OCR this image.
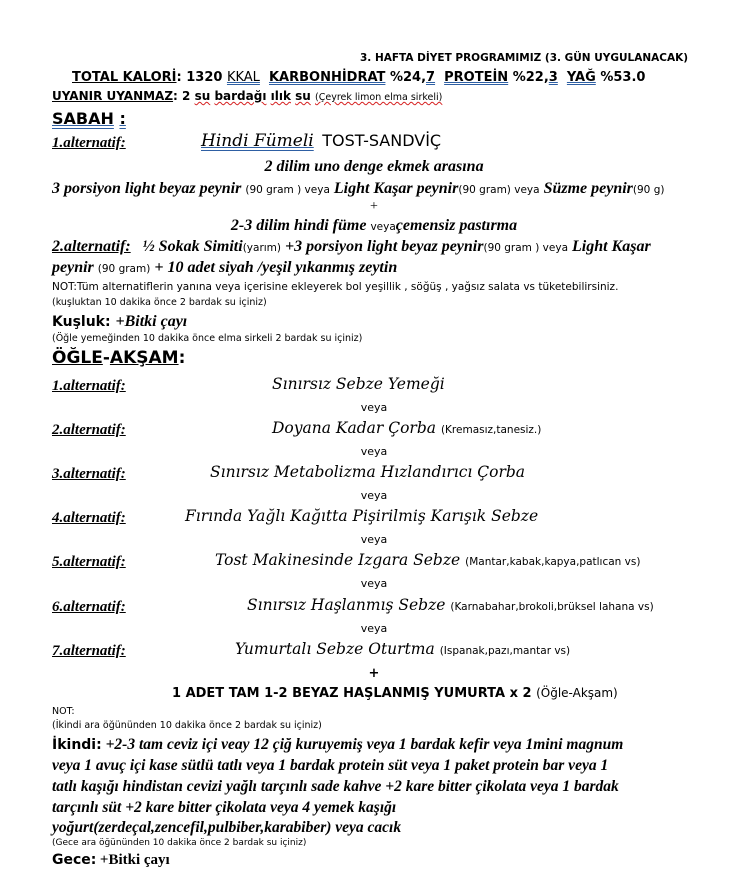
3. HAFTA DİYET PROGRAMIMIZ (3. GÜN UYGULANACAK)
TOTAL KALORİ: 1320 KKAL KARBONHİDRAT %24,7 PROTEİN %22,3 YAĞ %53.0
UYANIR UYANMAZ: 2 su bardağı ılık su (Çeyrek limon elma sirkeli)
SABAH :
1.alternatif:	Hindi Fümeli TOST-SANDVİÇ
2 dilim uno denge ekmek arasına
3 porsiyon light beyaz peynir (90 gram ) veya Light Kaşar peynir(90 gram) veya Süzme peynir(90 g)
+
2-3 dilim hindi füme veyaçemensiz pastırma
2.alternatif: ½ Sokak Simiti(yarım) +3 porsiyon light beyaz peynir(90 gram ) veya Light Kaşar
peynir (90 gram) + 10 adet siyah /yeşil yıkanmış zeytin
NOT:Tüm alternatiflerin yanına veya içerisine ekleyerek bol yeşillik , söğüş , yağsız salata vs tüketebilirsiniz.
(kuşluktan 10 dakika önce 2 bardak su içiniz)
Kuşluk: +Bitki çayı
(Öğle yemeğinden 10 dakika önce elma sirkeli 2 bardak su içiniz)
ÖĞLE-AKŞAM:
1.alternatif:	Sınırsız Sebze Yemeği
veya
2.alternatif:	Doyana Kadar Çorba (Kremasız,tanesiz.)
veya
3.alternatif:	Sınırsız Metabolizma Hızlandırıcı Çorba
veya
4.alternatif:	Fırında Yağlı Kağıtta Pişirilmiş Karışık Sebze
veya
5.alternatif:	Tost Makinesinde Izgara Sebze (Mantar,kabak,kapya,patlıcan vs)
veya
6.alternatif:	Sınırsız Haşlanmış Sebze (Karnabahar,brokoli,brüksel lahana vs)
veya
7.alternatif:	Yumurtalı Sebze Oturtma (Ispanak,pazı,mantar vs)
+
1 ADET TAM 1-2 BEYAZ HAŞLANMIŞ YUMURTA x 2 (Öğle-Akşam)
NOT:
(İkindi ara öğününden 10 dakika önce 2 bardak su içiniz)
İkindi: +2-3 tam ceviz içi veay 12 çiğ kuruyemiş veya 1 bardak kefir veya 1mini magnum
veya 1 avuç içi kase sütlü tatlı veya 1 bardak protein süt veya 1 paket protein bar veya 1
tatlı kaşığı hindistan cevizi yağlı tarçınlı sade kahve +2 kare bitter çikolata veya 1 bardak
tarçınlı süt +2 kare bitter çikolata veya 4 yemek kaşığı
yoğurt(zerdeçal,zencefil,pulbiber,karabiber) veya cacık
(Gece ara öğününden 10 dakika önce 2 bardak su içiniz)
Gece: +Bitki çayı
